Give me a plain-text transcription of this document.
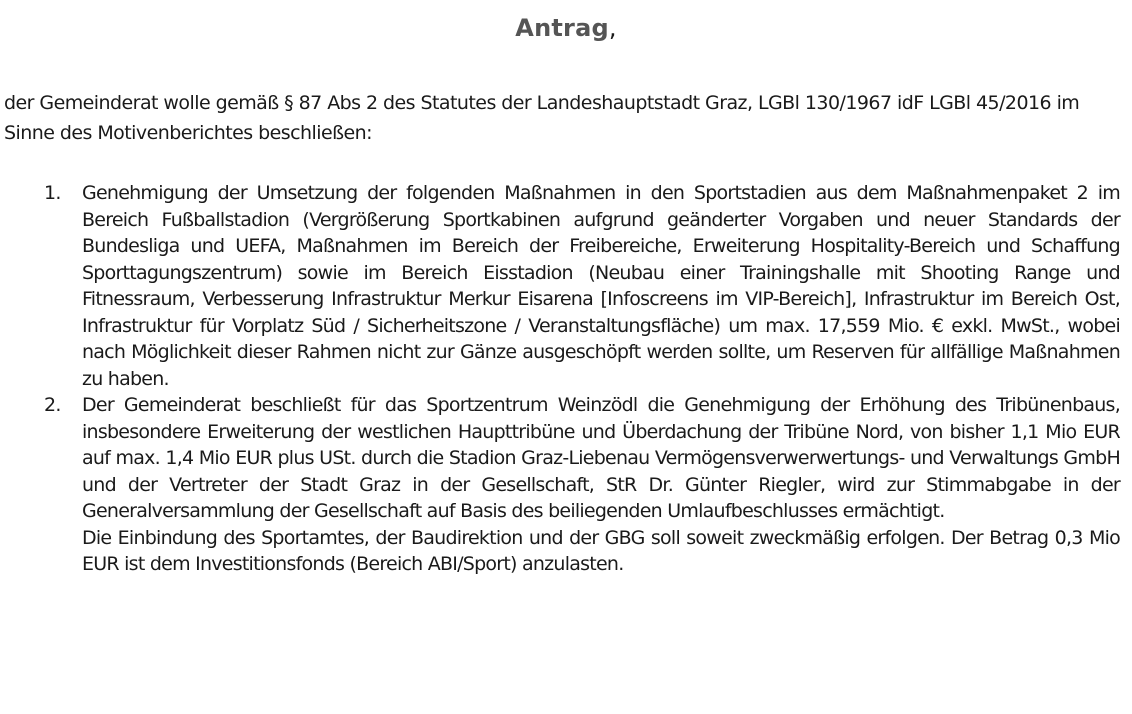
Antrag,
der Gemeinderat wolle gemäß § 87 Abs 2 des Statutes der Landeshauptstadt Graz, LGBl 130/1967 idF LGBl 45/2016 im Sinne des Motivenberichtes beschließen:
1. Genehmigung der Umsetzung der folgenden Maßnahmen in den Sportstadien aus dem Maßnahmenpaket 2 im Bereich Fußballstadion (Vergrößerung Sportkabinen aufgrund geänderter Vorgaben und neuer Standards der Bundesliga und UEFA, Maßnahmen im Bereich der Freibereiche, Erweiterung Hospitality-Bereich und Schaffung Sporttagungszentrum) sowie im Bereich Eisstadion (Neubau einer Trainingshalle mit Shooting Range und Fitnessraum, Verbesserung Infrastruktur Merkur Eisarena [Infoscreens im VIP-Bereich], Infrastruktur im Bereich Ost, Infrastruktur für Vorplatz Süd / Sicherheitszone / Veranstaltungsfläche) um max. 17,559 Mio. € exkl. MwSt., wobei nach Möglichkeit dieser Rahmen nicht zur Gänze ausgeschöpft werden sollte, um Reserven für allfällige Maßnahmen zu haben.

2. Der Gemeinderat beschließt für das Sportzentrum Weinzödl die Genehmigung der Erhöhung des Tribünenbaus, insbesondere Erweiterung der westlichen Haupttribüne und Überdachung der Tribüne Nord, von bisher 1,1 Mio EUR auf max. 1,4 Mio EUR plus USt. durch die Stadion Graz-Liebenau Vermögensverwerwertungs- und Verwaltungs GmbH und der Vertreter der Stadt Graz in der Gesellschaft, StR Dr. Günter Riegler, wird zur Stimmabgabe in der Generalversammlung der Gesellschaft auf Basis des beiliegenden Umlaufbeschlusses ermächtigt.

Die Einbindung des Sportamtes, der Baudirektion und der GBG soll soweit zweckmäßig erfolgen. Der Betrag 0,3 Mio EUR ist dem Investitionsfonds (Bereich ABI/Sport) anzulasten.
